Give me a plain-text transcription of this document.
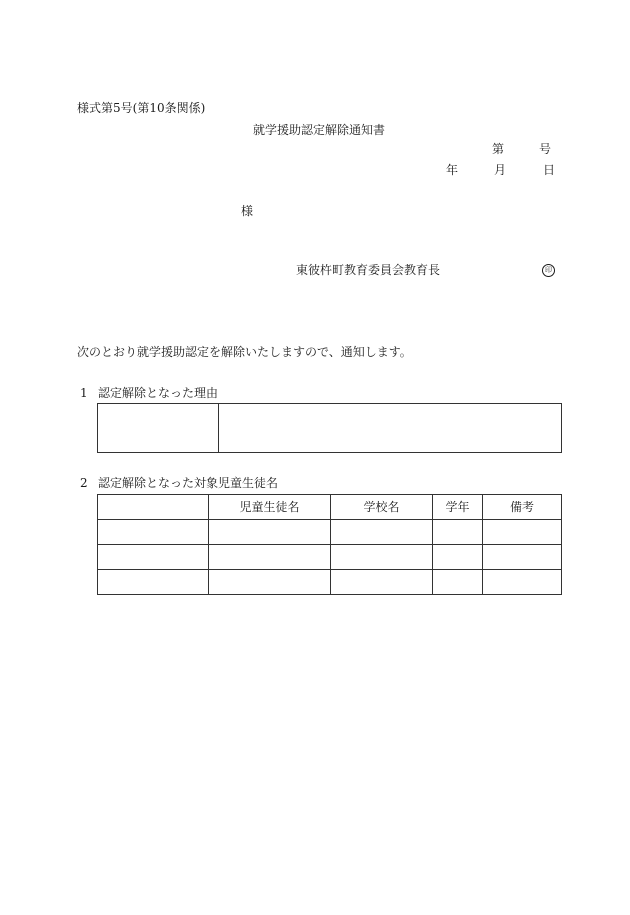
様式第5号(第10条関係)
就学援助認定解除通知書
第	号
年	月	日
様
東彼杵町教育委員会教育長	印
次のとおり就学援助認定を解除いたしますので、通知します。
1 認定解除となった理由

2 認定解除となった対象児童生徒名
	児童生徒名	学校名	学年	備考
